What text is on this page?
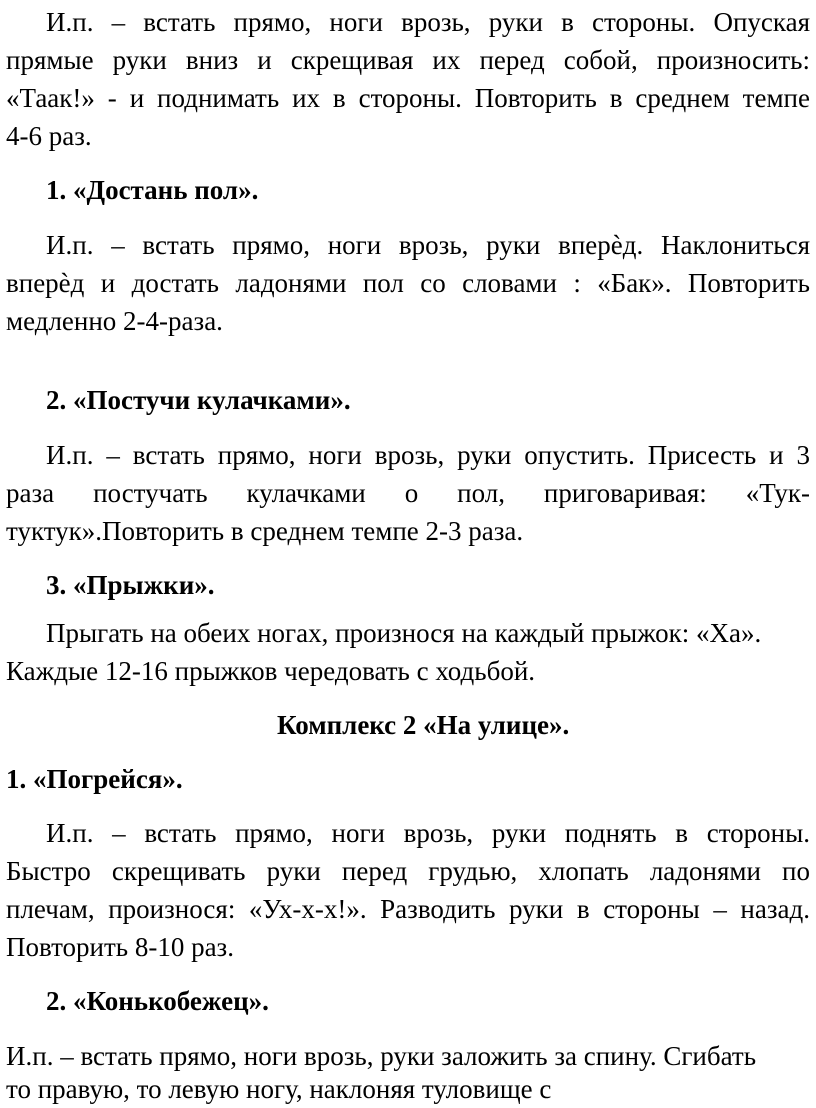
И.п. – встать прямо, ноги врозь, руки в стороны. Опуская
прямые руки вниз и скрещивая их перед собой, произносить:
«Таак!» - и поднимать их в стороны. Повторить в среднем темпе
4-6 раз.
1. «Достань пол».
И.п. – встать прямо, ноги врозь, руки вперѐд. Наклониться
вперѐд и достать ладонями пол со словами : «Бак». Повторить
медленно 2-4-раза.
2. «Постучи кулачками».
И.п. – встать прямо, ноги врозь, руки опустить. Присесть и 3
раза постучать кулачками о пол, приговаривая: «Тук-
туктук».Повторить в среднем темпе 2-3 раза.
3. «Прыжки».
Прыгать на обеих ногах, произнося на каждый прыжок: «Ха».
Каждые 12-16 прыжков чередовать с ходьбой.
Комплекс 2 «На улице».
1. «Погрейся».
И.п. – встать прямо, ноги врозь, руки поднять в стороны.
Быстро скрещивать руки перед грудью, хлопать ладонями по
плечам, произнося: «Ух-х-х!». Разводить руки в стороны – назад.
Повторить 8-10 раз.
2. «Конькобежец».
И.п. – встать прямо, ноги врозь, руки заложить за спину. Сгибать
то правую, то левую ногу, наклоняя туловище с
